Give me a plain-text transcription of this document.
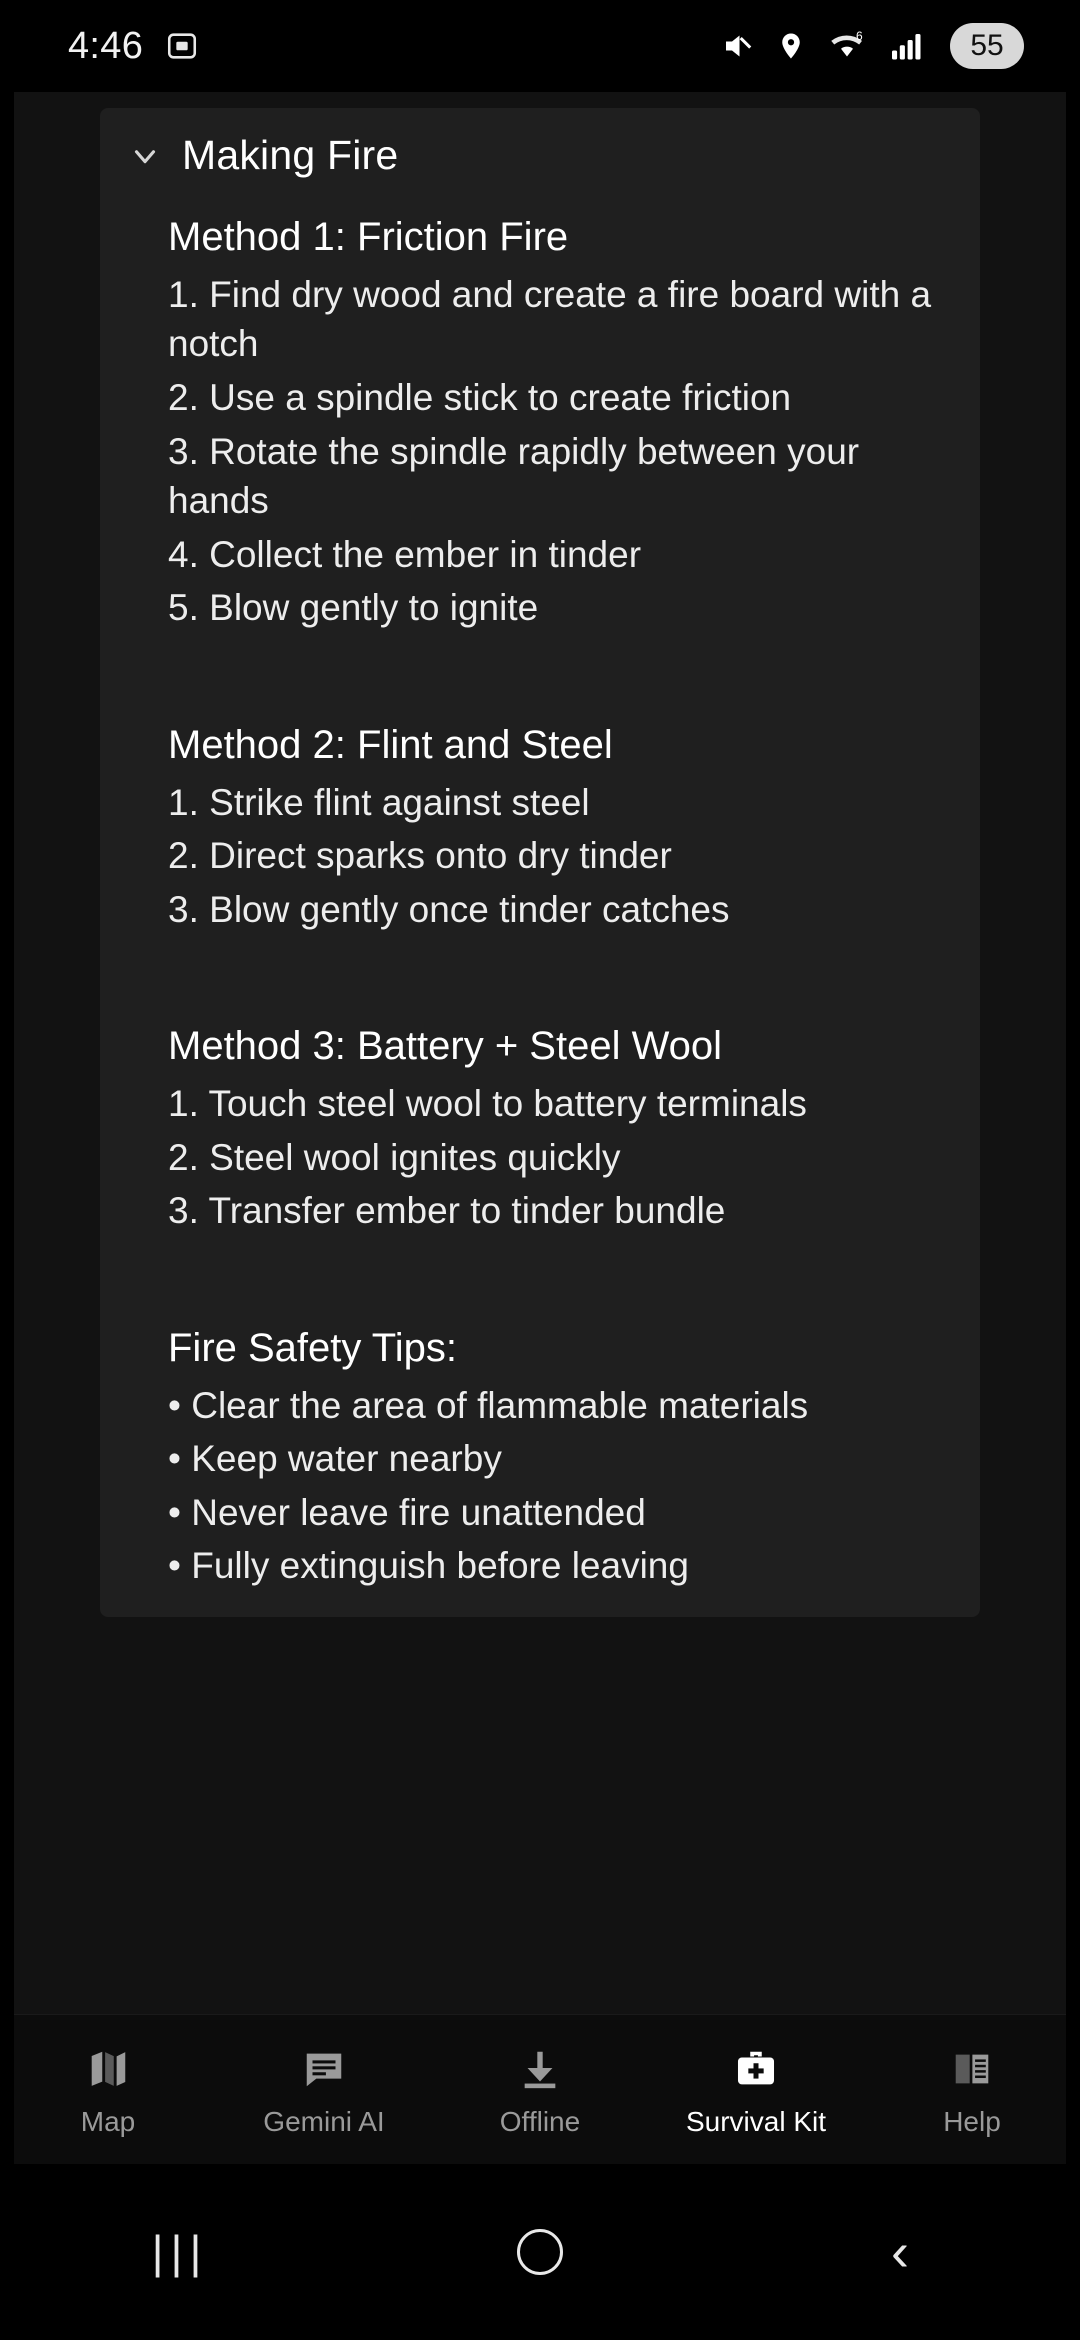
4:46	6	55
Making Fire
Method 1: Friction Fire
1. Find dry wood and create a fire board with a notch
2. Use a spindle stick to create friction
3. Rotate the spindle rapidly between your hands
4. Collect the ember in tinder
5. Blow gently to ignite
Method 2: Flint and Steel
1. Strike flint against steel
2. Direct sparks onto dry tinder
3. Blow gently once tinder catches
Method 3: Battery + Steel Wool
1. Touch steel wool to battery terminals
2. Steel wool ignites quickly
3. Transfer ember to tinder bundle
Fire Safety Tips:
• Clear the area of flammable materials
• Keep water nearby
• Never leave fire unattended
• Fully extinguish before leaving
Map	Gemini AI	Offline	Survival Kit	Help
|||	‹
